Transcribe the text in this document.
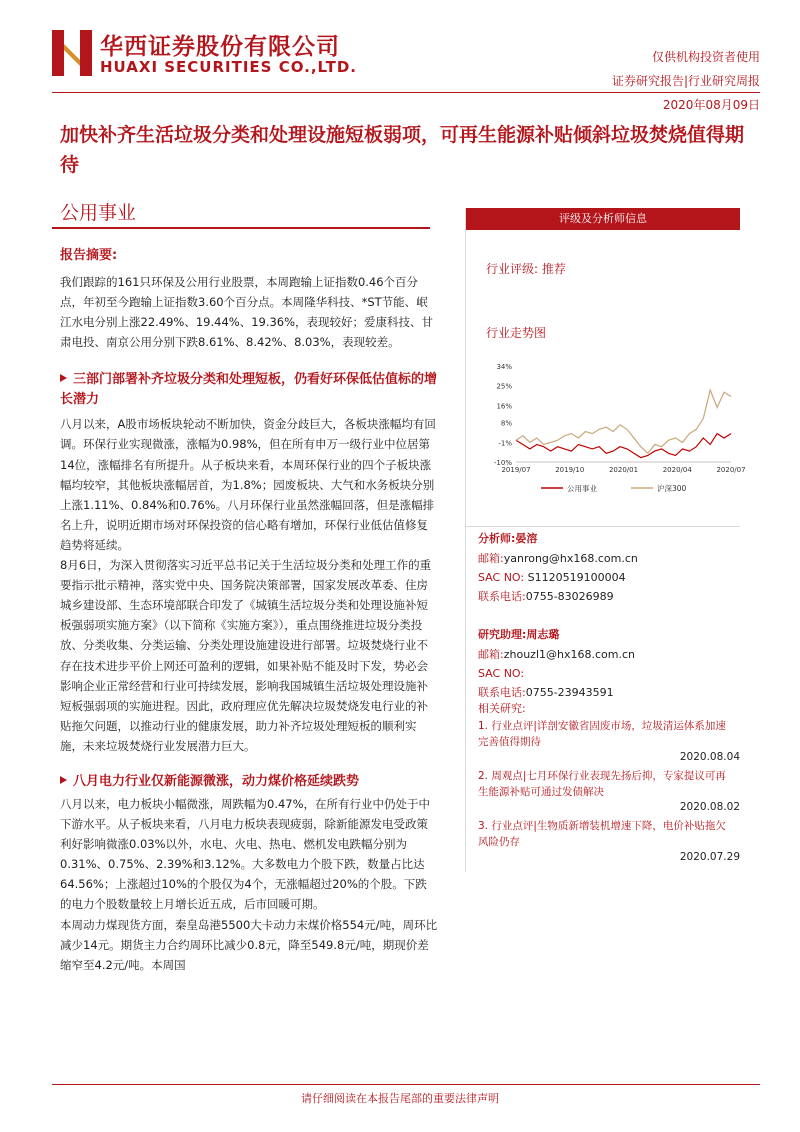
华西证券股份有限公司
HUAXI SECURITIES CO.,LTD.
仅供机构投资者使用
证券研究报告|行业研究周报
2020年08月09日
加快补齐生活垃圾分类和处理设施短板弱项，可再生能源补贴倾斜垃圾焚烧值得期待
公用事业
报告摘要:
我们跟踪的161只环保及公用行业股票，本周跑输上证指数0.46个百分点，年初至今跑输上证指数3.60个百分点。本周隆华科技、*ST节能、岷江水电分别上涨22.49%、19.44%、19.36%，表现较好；爱康科技、甘肃电投、南京公用分别下跌8.61%、8.42%、8.03%，表现较差。
三部门部署补齐垃圾分类和处理短板，仍看好环保低估值标的增长潜力
八月以来，A股市场板块轮动不断加快，资金分歧巨大，各板块涨幅均有回调。环保行业实现微涨，涨幅为0.98%，但在所有申万一级行业中位居第14位，涨幅排名有所提升。从子板块来看，本周环保行业的四个子板块涨幅均较窄，其他板块涨幅居首，为1.8%；园废板块、大气和水务板块分别上涨1.11%、0.84%和0.76%。八月环保行业虽然涨幅回落，但是涨幅排名上升，说明近期市场对环保投资的信心略有增加，环保行业低估值修复趋势将延续。
8月6日，为深入贯彻落实习近平总书记关于生活垃圾分类和处理工作的重要指示批示精神，落实党中央、国务院决策部署，国家发展改革委、住房城乡建设部、生态环境部联合印发了《城镇生活垃圾分类和处理设施补短板强弱项实施方案》（以下简称《实施方案》），重点围绕推进垃圾分类投放、分类收集、分类运输、分类处理设施建设进行部署。垃圾焚烧行业不存在技术进步平价上网还可盈利的逻辑，如果补贴不能及时下发，势必会影响企业正常经营和行业可持续发展，影响我国城镇生活垃圾处理设施补短板强弱项的实施进程。因此，政府理应优先解决垃圾焚烧发电行业的补贴拖欠问题，以推动行业的健康发展，助力补齐垃圾处理短板的顺利实施，未来垃圾焚烧行业发展潜力巨大。
八月电力行业仅新能源微涨，动力煤价格延续跌势
八月以来，电力板块小幅微涨，周跌幅为0.47%，在所有行业中仍处于中下游水平。从子板块来看，八月电力板块表现疲弱，除新能源发电受政策利好影响微涨0.03%以外，水电、火电、热电、燃机发电跌幅分别为0.31%、0.75%、2.39%和3.12%。大多数电力个股下跌，数量占比达64.56%；上涨超过10%的个股仅为4个，无涨幅超过20%的个股。下跌的电力个股数量较上月增长近五成，后市回暖可期。
本周动力煤现货方面，秦皇岛港5500大卡动力末煤价格554元/吨，周环比减少14元。期货主力合约周环比减少0.8元，降至549.8元/吨，期现价差缩窄至4.2元/吨。本周国
评级及分析师信息
行业评级: 推荐
行业走势图
34%
25%
16%
8%
-1%
-10%
2019/07	2019/10	2020/01	2020/04	2020/07
公用事业	沪深300
分析师:晏溶
邮箱:yanrong@hx168.com.cn
SAC NO: S1120519100004
联系电话:0755-83026989
研究助理:周志璐
邮箱:zhouzl1@hx168.com.cn
SAC NO:
联系电话:0755-23943591
相关研究:
1. 行业点评|详剖安徽省固废市场，垃圾清运体系加速完善值得期待
2020.08.04
2. 周观点|七月环保行业表现先扬后抑，专家提议可再生能源补贴可通过发债解决
2020.08.02
3. 行业点评|生物质新增装机增速下降，电价补贴拖欠风险仍存
2020.07.29
请仔细阅读在本报告尾部的重要法律声明
